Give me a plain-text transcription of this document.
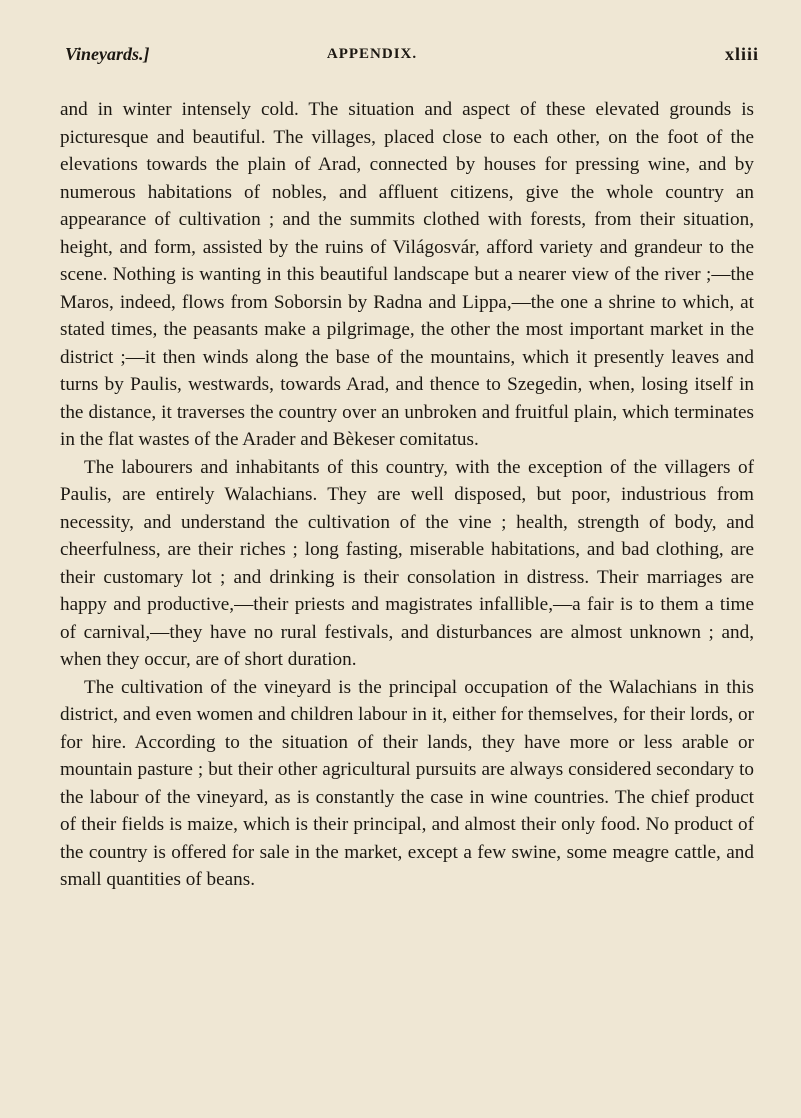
Vineyards.]	APPENDIX.	xliii

and in winter intensely cold. The situation and aspect of these elevated grounds is picturesque and beautiful. The villages, placed close to each other, on the foot of the elevations towards the plain of Arad, connected by houses for pressing wine, and by numerous habitations of nobles, and affluent citizens, give the whole country an appearance of cultivation ; and the summits clothed with forests, from their situation, height, and form, assisted by the ruins of Világosvár, afford variety and grandeur to the scene. Nothing is wanting in this beautiful landscape but a nearer view of the river ;—the Maros, indeed, flows from Soborsin by Radna and Lippa,—the one a shrine to which, at stated times, the peasants make a pilgrimage, the other the most important market in the district ;—it then winds along the base of the mountains, which it presently leaves and turns by Paulis, westwards, towards Arad, and thence to Szegedin, when, losing itself in the distance, it traverses the country over an unbroken and fruitful plain, which terminates in the flat wastes of the Arader and Bèkeser comitatus.

The labourers and inhabitants of this country, with the exception of the villagers of Paulis, are entirely Walachians. They are well disposed, but poor, industrious from necessity, and understand the cultivation of the vine ; health, strength of body, and cheerfulness, are their riches ; long fasting, miserable habitations, and bad clothing, are their customary lot ; and drinking is their consolation in distress. Their marriages are happy and productive,—their priests and magistrates infallible,—a fair is to them a time of carnival,—they have no rural festivals, and disturbances are almost unknown ; and, when they occur, are of short duration.

The cultivation of the vineyard is the principal occupation of the Walachians in this district, and even women and children labour in it, either for themselves, for their lords, or for hire. According to the situation of their lands, they have more or less arable or mountain pasture ; but their other agricultural pursuits are always considered secondary to the labour of the vineyard, as is constantly the case in wine countries. The chief product of their fields is maize, which is their principal, and almost their only food. No product of the country is offered for sale in the market, except a few swine, some meagre cattle, and small quantities of beans.
